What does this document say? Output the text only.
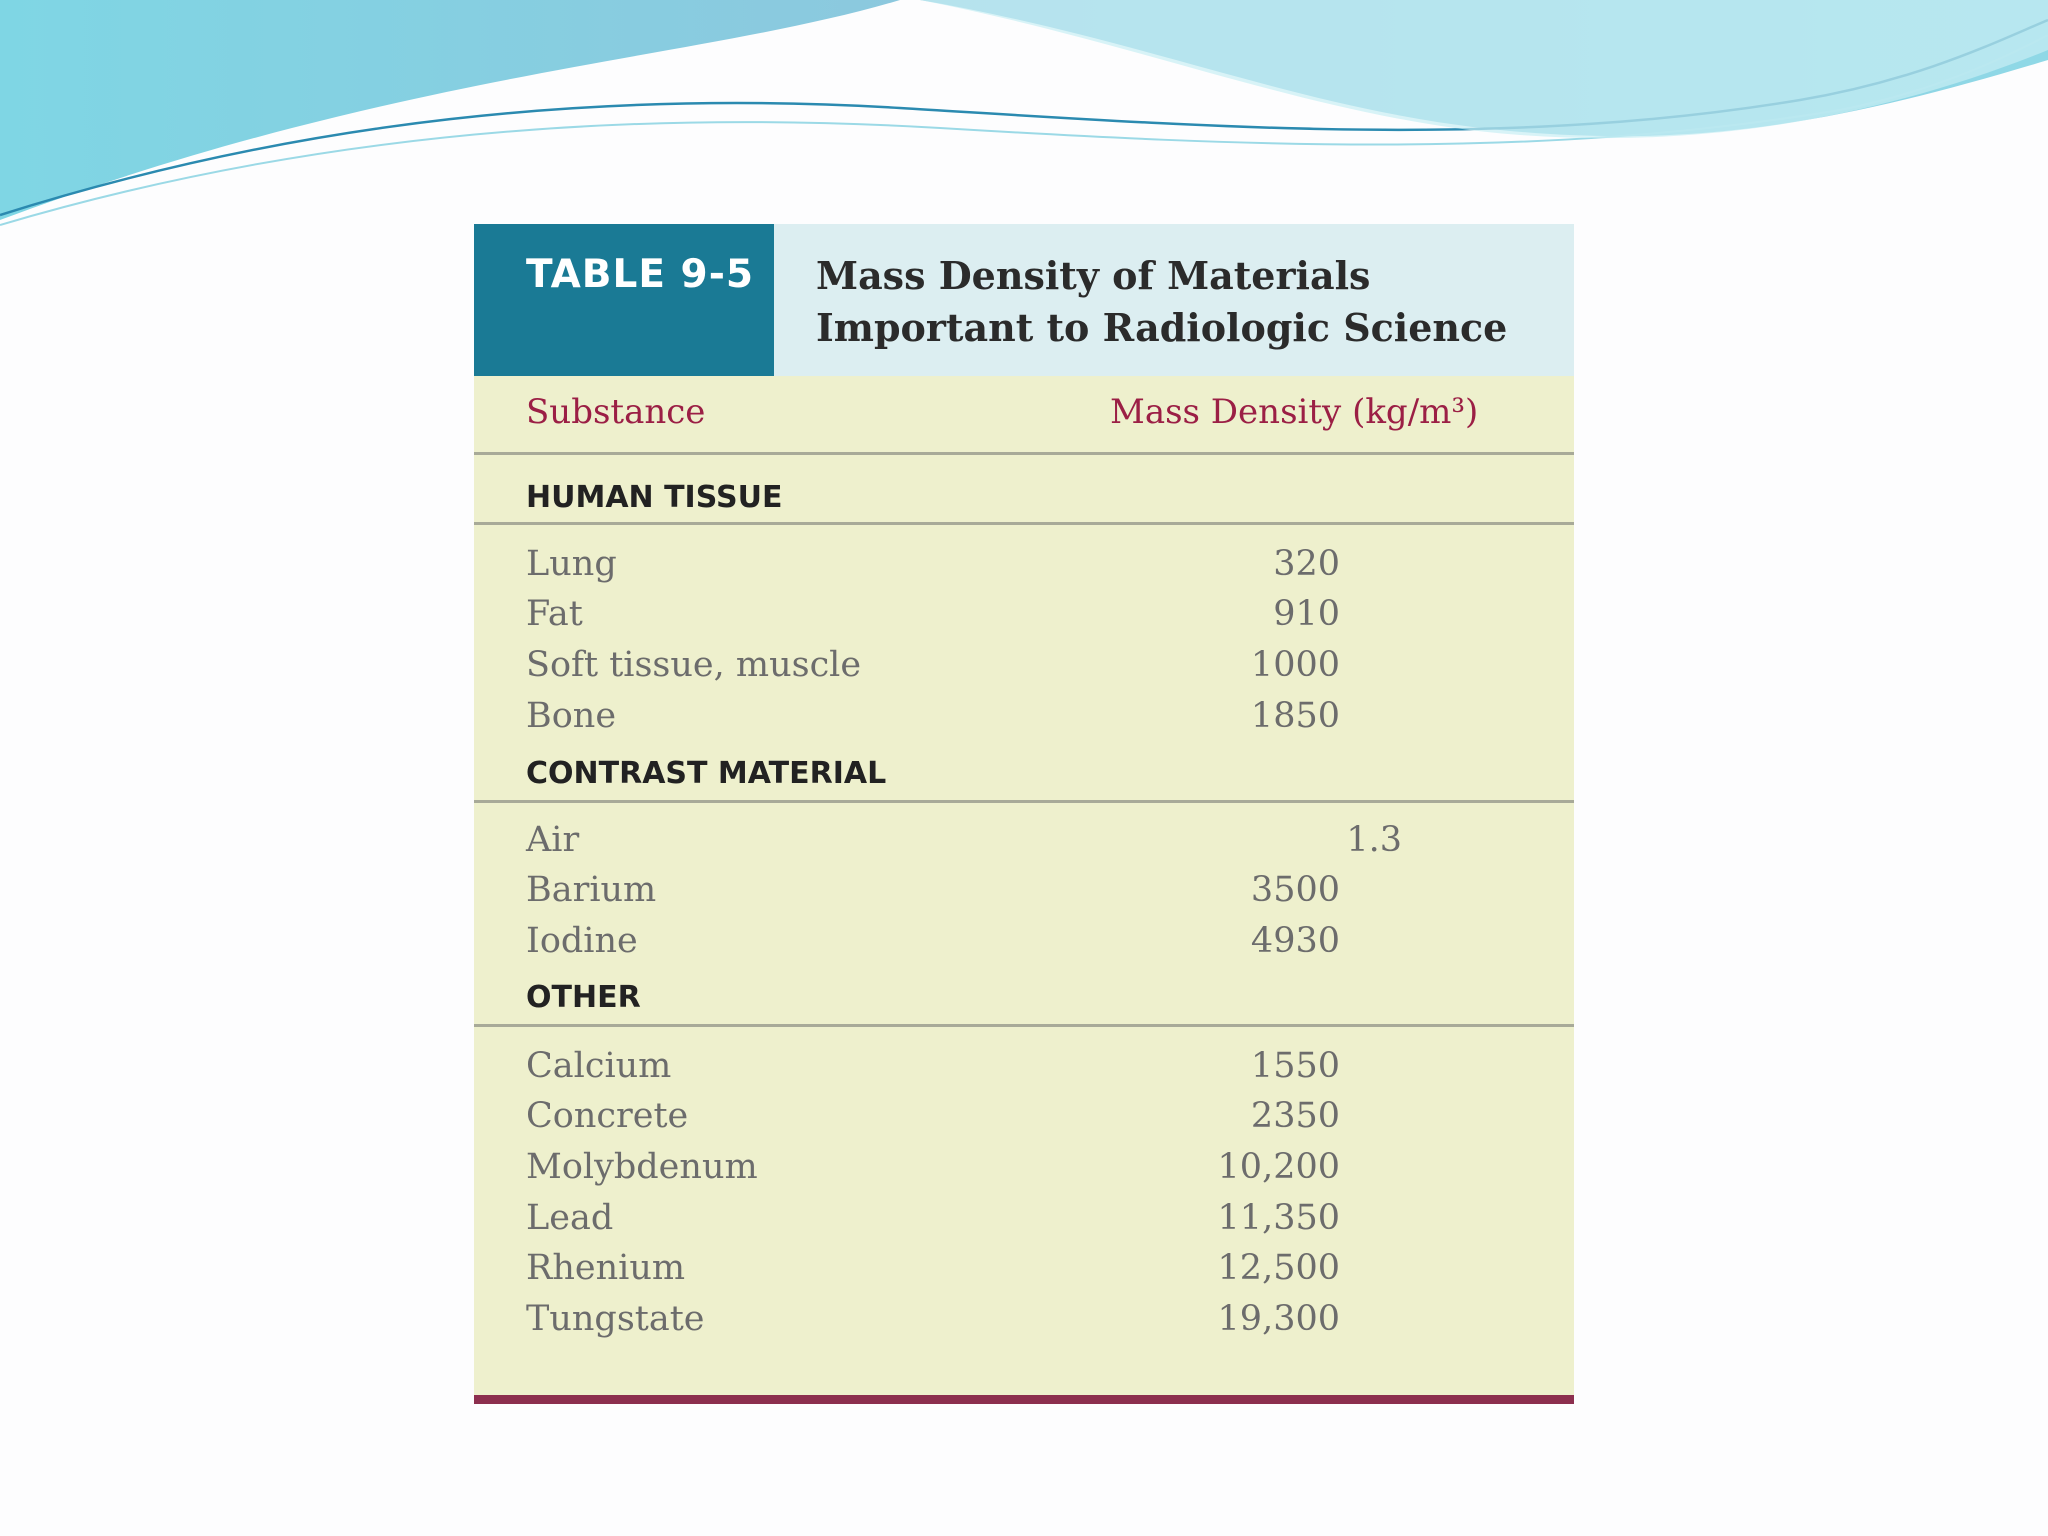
TABLE 9-5 Mass Density of Materials Important to Radiologic Science
Substance	Mass Density (kg/m³)
HUMAN TISSUE
Lung	320
Fat	910
Soft tissue, muscle	1000
Bone	1850
CONTRAST MATERIAL
Air	1.3
Barium	3500
Iodine	4930
OTHER
Calcium	1550
Concrete	2350
Molybdenum	10,200
Lead	11,350
Rhenium	12,500
Tungstate	19,300
